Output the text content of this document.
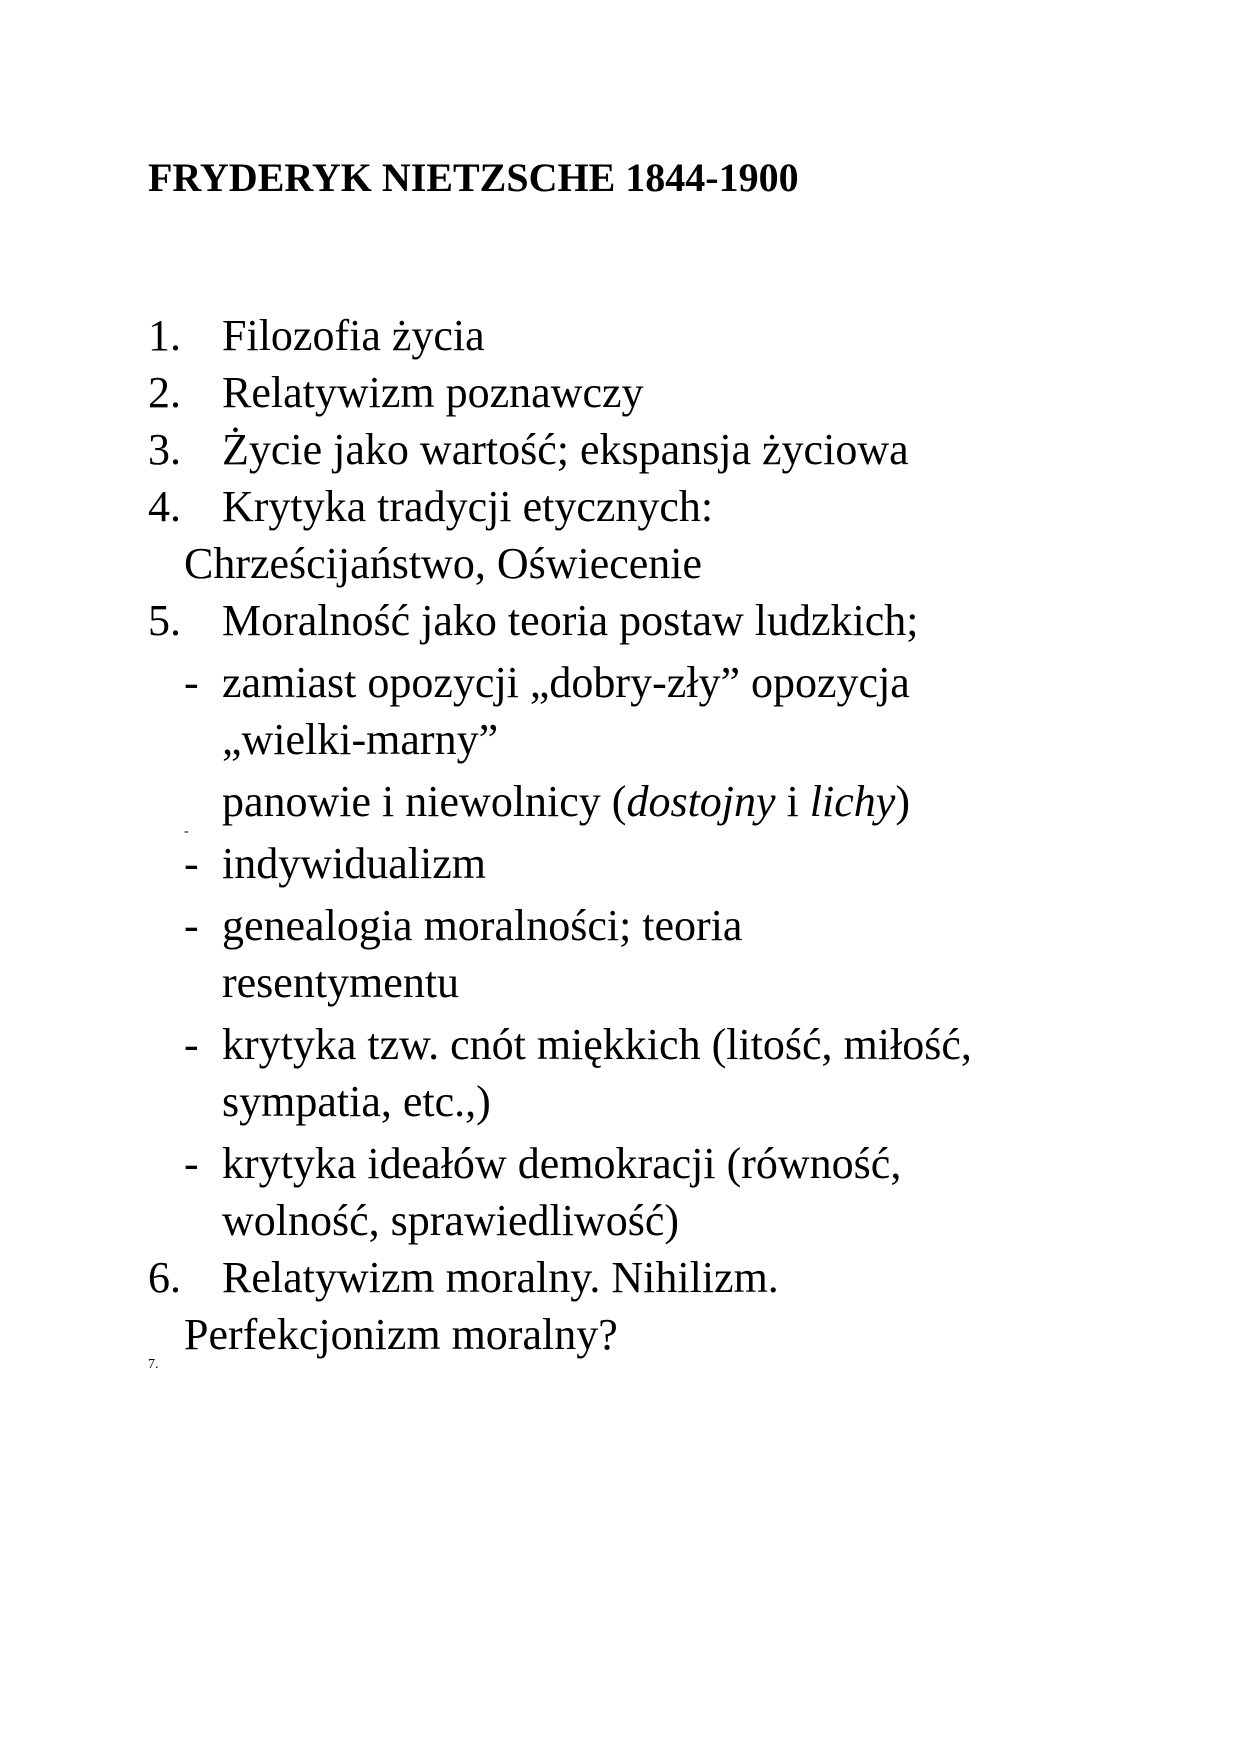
FRYDERYK NIETZSCHE 1844-1900
1. Filozofia życia
2. Relatywizm poznawczy
3. Życie jako wartość; ekspansja życiowa
4. Krytyka tradycji etycznych:
Chrześcijaństwo, Oświecenie
5. Moralność jako teoria postaw ludzkich;
- zamiast opozycji „dobry-zły” opozycja
„wielki-marny”
-
panowie i niewolnicy (dostojny i lichy)
- indywidualizm
- genealogia moralności; teoria
resentymentu
- krytyka tzw. cnót miękkich (litość, miłość,
sympatia, etc.,)
- krytyka ideałów demokracji (równość,
wolność, sprawiedliwość)
6. Relatywizm moralny. Nihilizm.
7.
Perfekcjonizm moralny?
